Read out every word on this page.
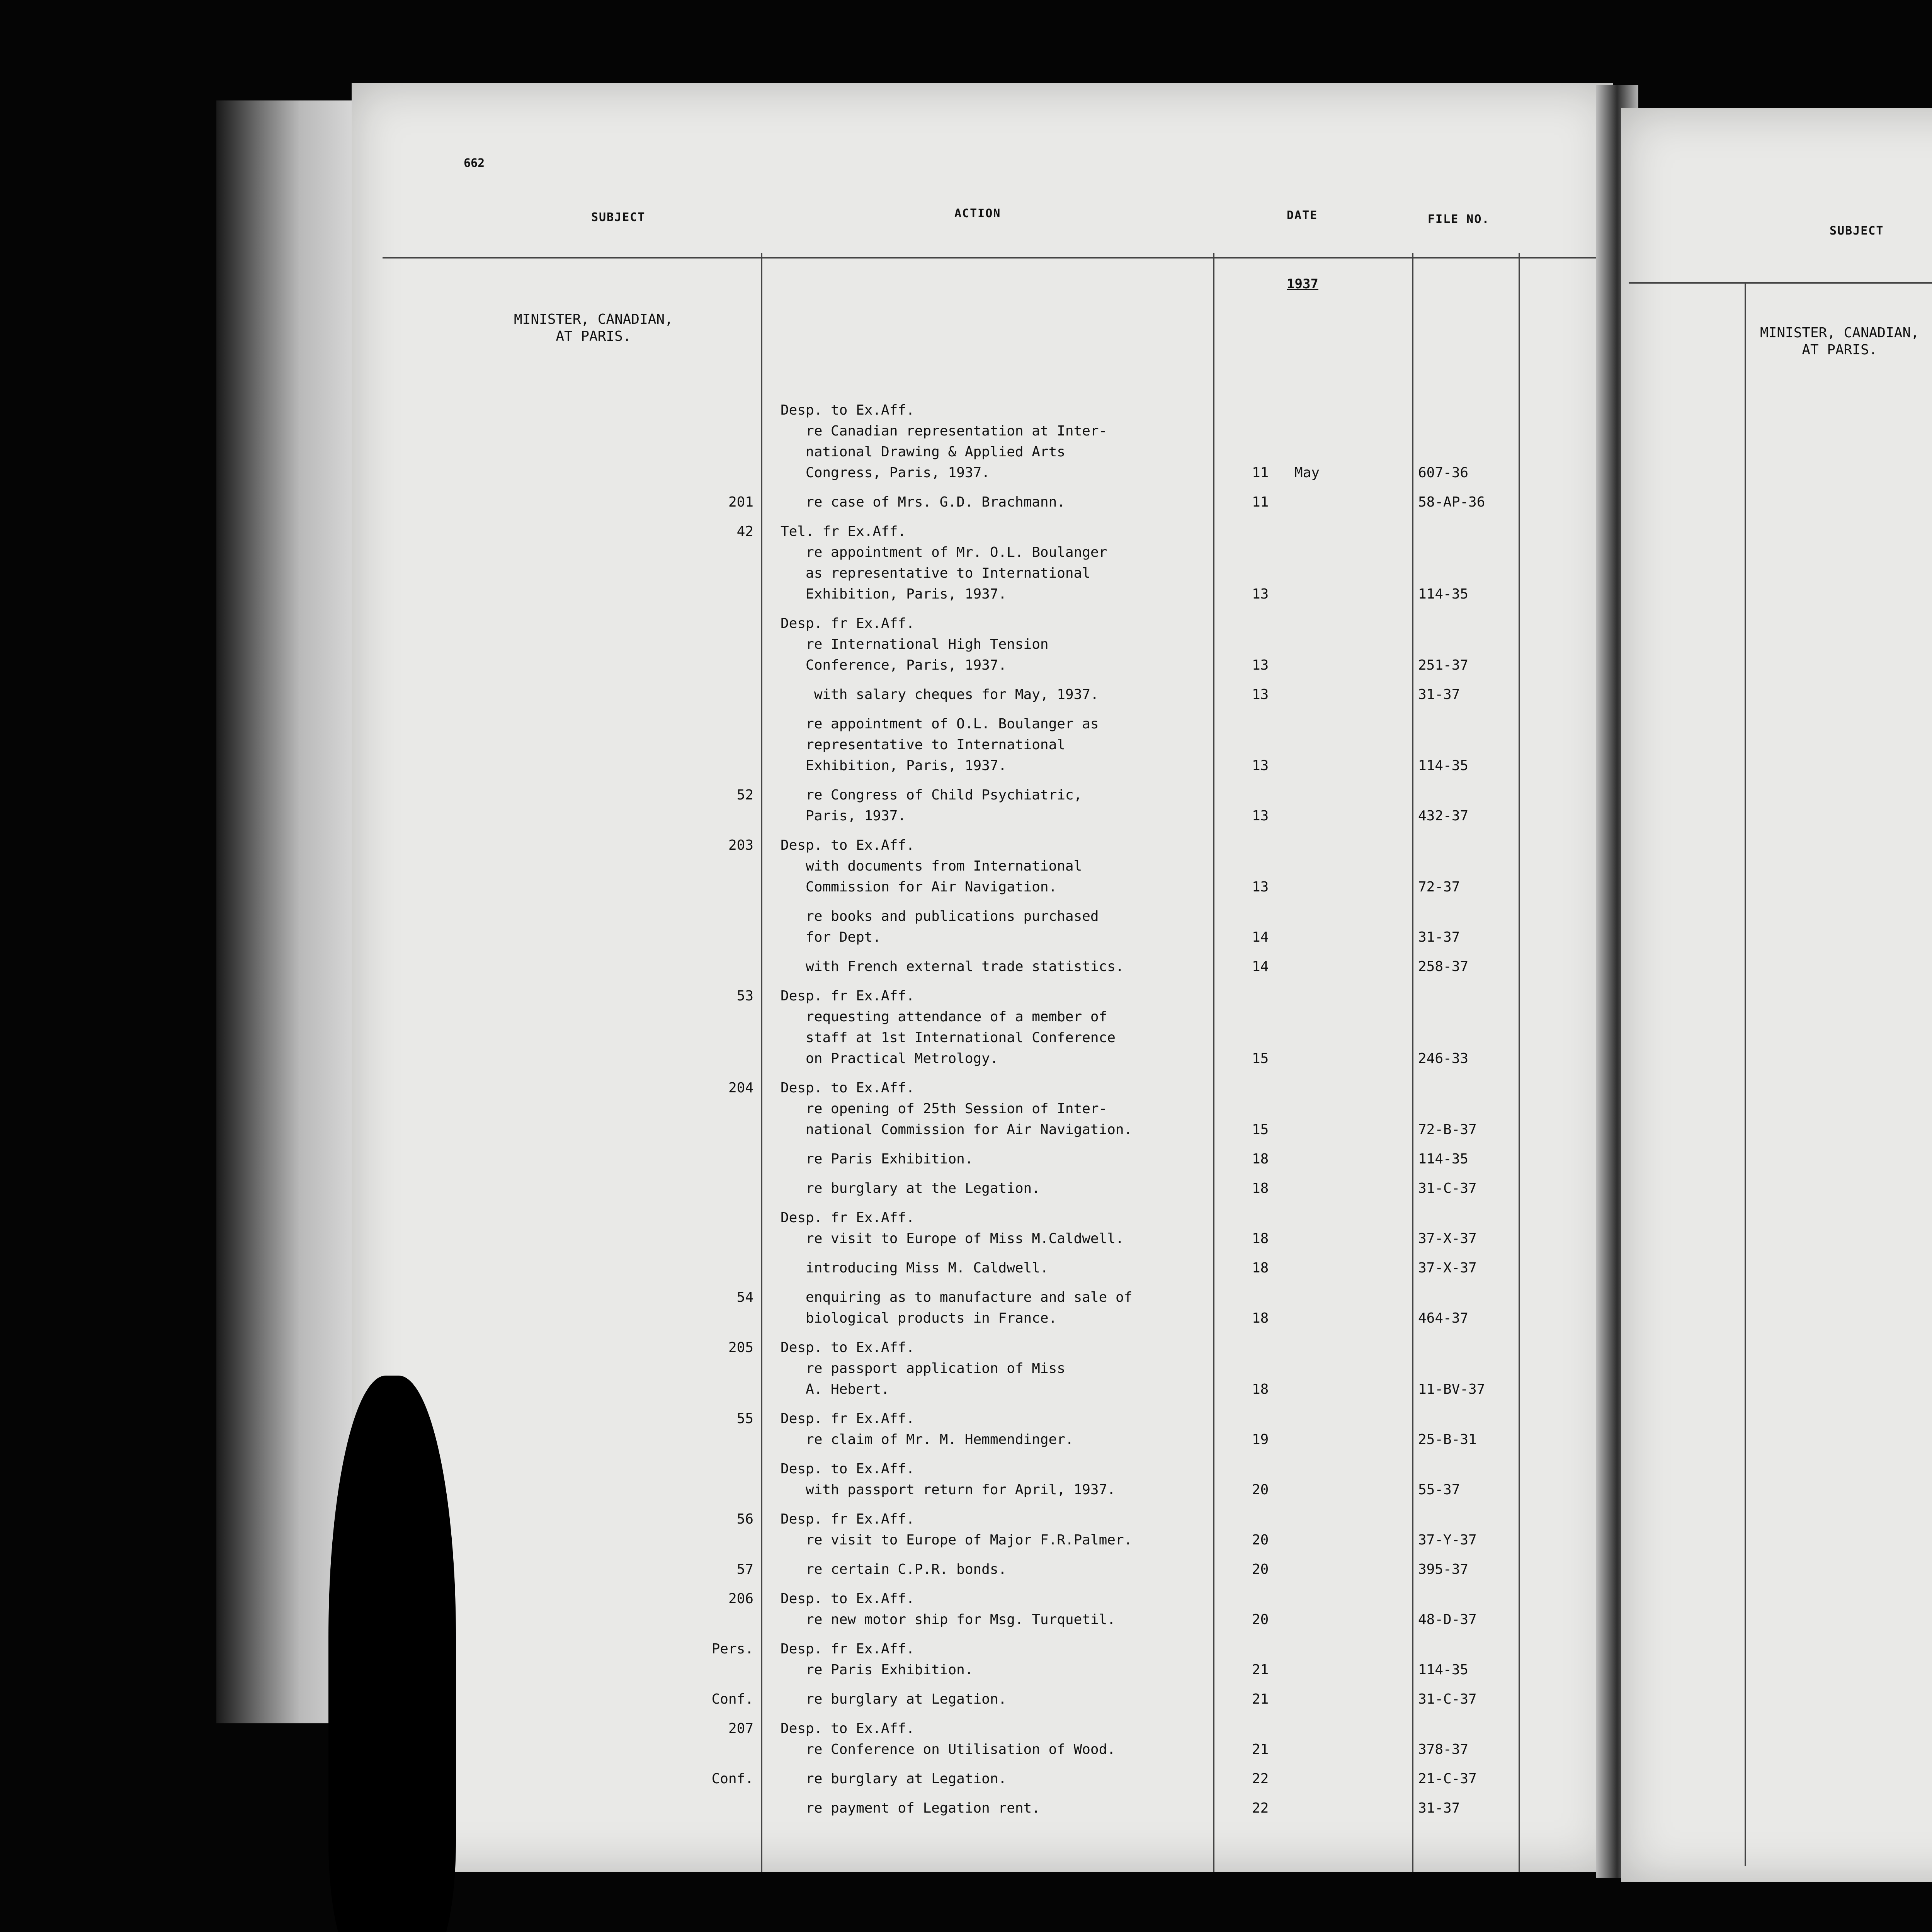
662
SUBJECT	ACTION	DATE	FILE NO.
1937
MINISTER, CANADIAN,
AT PARIS.
Desp. to Ex.Aff.
re Canadian representation at Inter-
national Drawing & Applied Arts
Congress, Paris, 1937.	11 May	607-36
201 re case of Mrs. G.D. Brachmann.	11	58-AP-36
42 Tel. fr Ex.Aff.
re appointment of Mr. O.L. Boulanger
as representative to International
Exhibition, Paris, 1937.	13	114-35
Desp. fr Ex.Aff.
re International High Tension
Conference, Paris, 1937.	13	251-37
with salary cheques for May, 1937.	13	31-37
re appointment of O.L. Boulanger as
representative to International
Exhibition, Paris, 1937.	13	114-35
52	re Congress of Child Psychiatric,
Paris, 1937.	13	432-37
203 Desp. to Ex.Aff.
with documents from International
Commission for Air Navigation.	13	72-37
re books and publications purchased
for Dept.	14	31-37
with French external trade statistics.	14	258-37
53 Desp. fr Ex.Aff.
requesting attendance of a member of
staff at 1st International Conference
on Practical Metrology.	15	246-33
204 Desp. to Ex.Aff.
re opening of 25th Session of Inter-
national Commission for Air Navigation.	15	72-B-37
re Paris Exhibition.	18	114-35
re burglary at the Legation.	18	31-C-37
Desp. fr Ex.Aff.
re visit to Europe of Miss M.Caldwell.	18	37-X-37
introducing Miss M. Caldwell.	18	37-X-37
54	enquiring as to manufacture and sale of
biological products in France.	18	464-37
205 Desp. to Ex.Aff.
re passport application of Miss
A. Hebert.	18	11-BV-37
55 Desp. fr Ex.Aff.
re claim of Mr. M. Hemmendinger.	19	25-B-31
Desp. to Ex.Aff.
with passport return for April, 1937.	20	55-37
56 Desp. fr Ex.Aff.
re visit to Europe of Major F.R.Palmer.	20	37-Y-37
57 re certain C.P.R. bonds.	20	395-37
206 Desp. to Ex.Aff.
re new motor ship for Msg. Turquetil.	20	48-D-37
Pers. Desp. fr Ex.Aff.
re Paris Exhibition.	21	114-35
Conf. re burglary at Legation.	21	31-C-37
207 Desp. to Ex.Aff.
re Conference on Utilisation of Wood.	21	378-37
Conf. re burglary at Legation.	22	21-C-37
re payment of Legation rent.	22	31-37
SUBJECT
MINISTER, CANADIAN,
AT PARIS.
